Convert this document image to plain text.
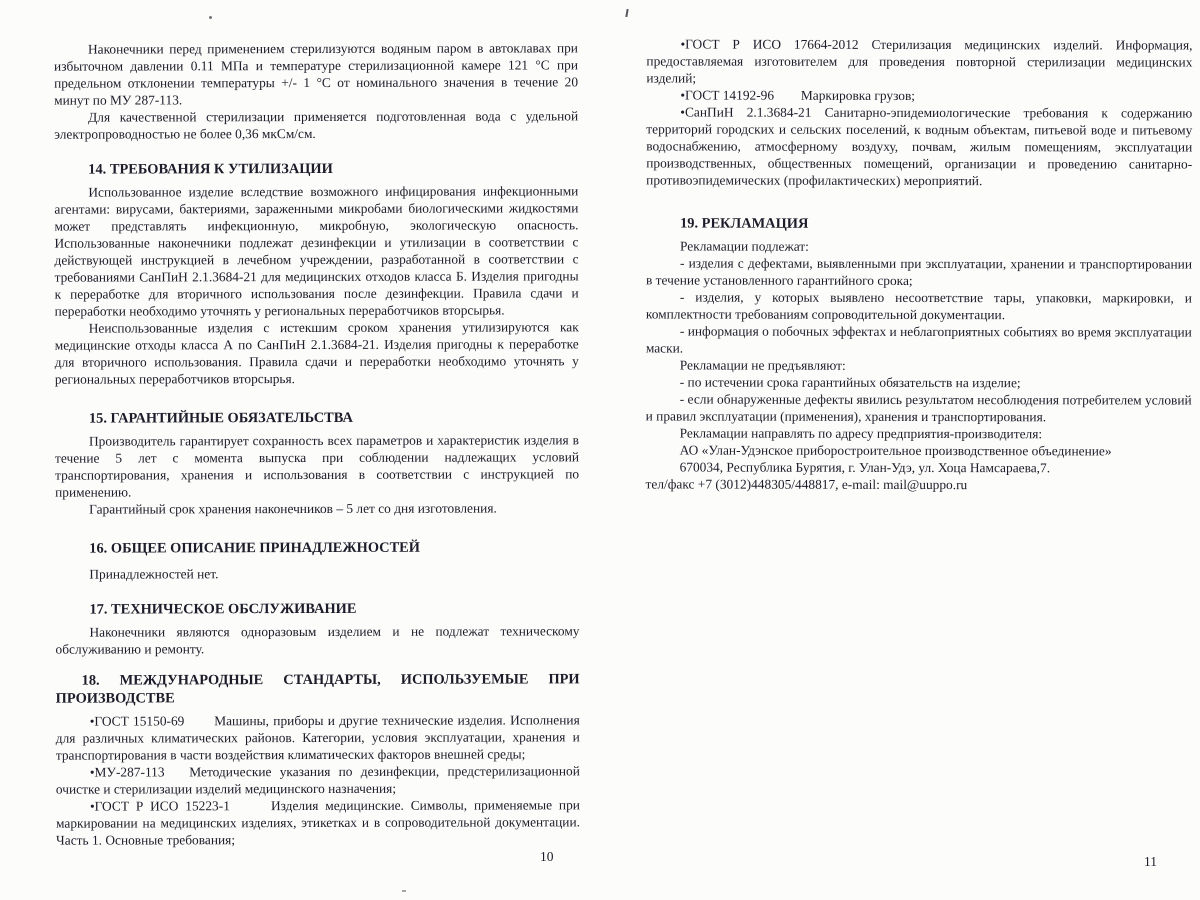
Наконечники перед применением стерилизуются водяным паром в автоклавах при избыточном давлении 0.11 МПа и температуре стерилизационной камере 121 °С при предельном отклонении температуры +/- 1 °С от номинального значения в течение 20 минут по МУ 287-113.

Для качественной стерилизации применяется подготовленная вода с удельной электропроводностью не более 0,36 мкСм/см.

14. ТРЕБОВАНИЯ К УТИЛИЗАЦИИ

Использованное изделие вследствие возможного инфицирования инфекционными агентами: вирусами, бактериями, зараженными микробами биологическими жидкостями может представлять инфекционную, микробную, экологическую опасность. Использованные наконечники подлежат дезинфекции и утилизации в соответствии с действующей инструкцией в лечебном учреждении, разработанной в соответствии с требованиями СанПиН 2.1.3684-21 для медицинских отходов класса Б. Изделия пригодны к переработке для вторичного использования после дезинфекции. Правила сдачи и переработки необходимо уточнять у региональных переработчиков вторсырья.

Неиспользованные изделия с истекшим сроком хранения утилизируются как медицинские отходы класса А по СанПиН 2.1.3684-21. Изделия пригодны к переработке для вторичного использования. Правила сдачи и переработки необходимо уточнять у региональных переработчиков вторсырья.

15. ГАРАНТИЙНЫЕ ОБЯЗАТЕЛЬСТВА

Производитель гарантирует сохранность всех параметров и характеристик изделия в течение 5 лет с момента выпуска при соблюдении надлежащих условий транспортирования, хранения и использования в соответствии с инструкцией по применению.

Гарантийный срок хранения наконечников – 5 лет со дня изготовления.

16. ОБЩЕЕ ОПИСАНИЕ ПРИНАДЛЕЖНОСТЕЙ

Принадлежностей нет.

17. ТЕХНИЧЕСКОЕ ОБСЛУЖИВАНИЕ

Наконечники являются одноразовым изделием и не подлежат техническому обслуживанию и ремонту.

18. МЕЖДУНАРОДНЫЕ СТАНДАРТЫ, ИСПОЛЬЗУЕМЫЕ ПРИ ПРОИЗВОДСТВЕ

•ГОСТ 15150-69       Машины, приборы и другие технические изделия. Исполнения для различных климатических районов. Категории, условия эксплуатации, хранения и транспортирования в части воздействия климатических факторов внешней среды;

•МУ-287-113   Методические указания по дезинфекции, предстерилизационной очистке и стерилизации изделий медицинского назначения;

•ГОСТ Р ИСО 15223-1      Изделия медицинские. Символы, применяемые при маркировании на медицинских изделиях, этикетках и в сопроводительной документации. Часть 1. Основные требования;

•ГОСТ Р ИСО 17664-2012 Стерилизация медицинских изделий. Информация, предоставляемая изготовителем для проведения повторной стерилизации медицинских изделий;

•ГОСТ 14192-96        Маркировка грузов;

•СанПиН 2.1.3684-21 Санитарно-эпидемиологические требования к содержанию территорий городских и сельских поселений, к водным объектам, питьевой воде и питьевому водоснабжению, атмосферному воздуху, почвам, жилым помещениям, эксплуатации производственных, общественных помещений, организации и проведению санитарно-противоэпидемических (профилактических) мероприятий.

19. РЕКЛАМАЦИЯ

Рекламации подлежат:

- изделия с дефектами, выявленными при эксплуатации, хранении и транспортировании в течение установленного гарантийного срока;

- изделия, у которых выявлено несоответствие тары, упаковки, маркировки, и комплектности требованиям сопроводительной документации.

- информация о побочных эффектах и неблагоприятных событиях во время эксплуатации маски.

Рекламации не предъявляют:

- по истечении срока гарантийных обязательств на изделие;

- если обнаруженные дефекты явились результатом несоблюдения потребителем условий и правил эксплуатации (применения), хранения и транспортирования.

Рекламации направлять по адресу предприятия-производителя:

АО «Улан-Удэнское приборостроительное производственное объединение»

670034, Республика Бурятия, г. Улан-Удэ, ул. Хоца Намсараева,7.

тел/факс +7 (3012)448305/448817, e-mail: mail@uuppo.ru

10	11
